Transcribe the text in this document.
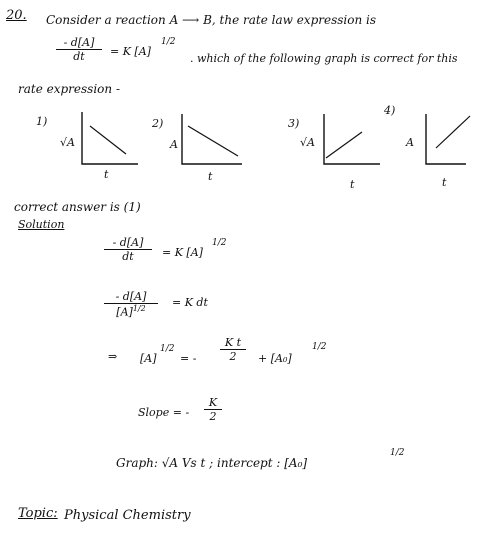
20. Consider a reaction A ⟶ B, the rate law expression is
$\frac{- d[A]}{dt} = K$ [A]
1/2
. which of the following graph is correct for this
rate expression -
1)
√A
t
2)
A
t
3)
√A
t
4)
A
t
correct answer is (1)
Solution
$\frac{- d[A]}{dt} = K$ [A]
1/2
$\frac{- d[A]}{[A]^{1/2}} = K$ dt
⇒ [A]
1/2
= - $\frac{\text{K t}}{2} + [A_0]$
1/2
Slope = - $\frac{K}{2}$
Graph: √A Vs t ; intercept : [A₀]
1/2
Topic: Physical Chemistry
